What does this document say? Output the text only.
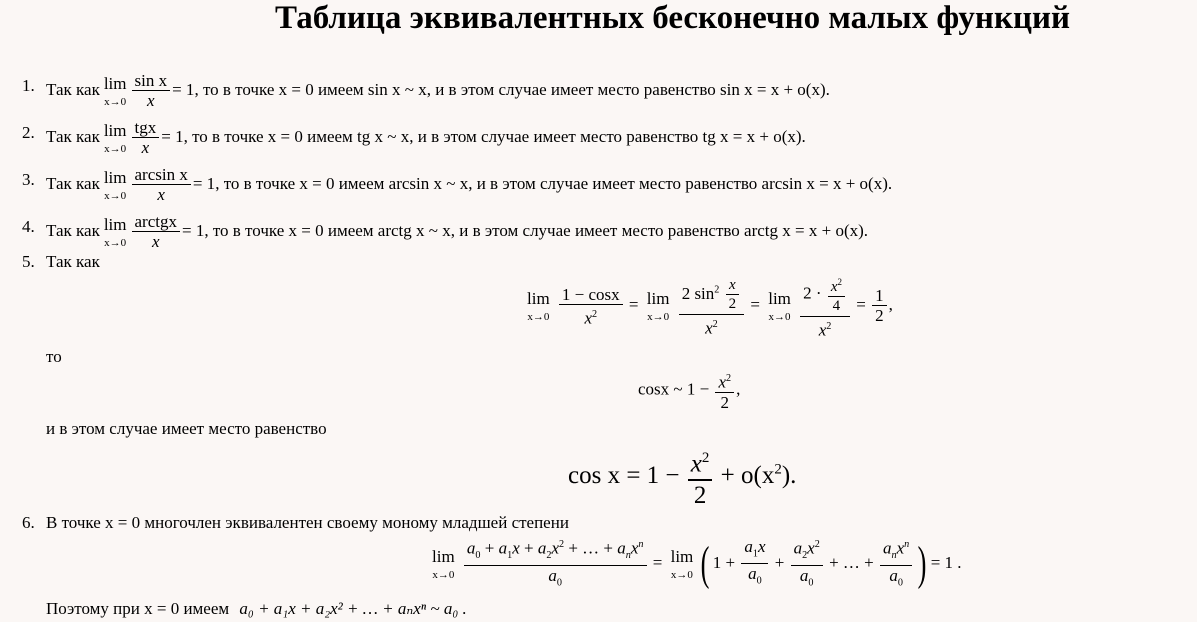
Таблица эквивалентных бесконечно малых функций
1. Так как lim
$x\to 0 \frac{\text{sin x}}{x} = 1$, то в точке x = 0 имеем sin x ~ x, и в этом случае имеет место равенство sin x = x + o(x).
2. Так как lim
x→0
tgx
x
= 1, то в точке x = 0 имеем tg x ~ x, и в этом случае имеет место равенство tg x = x + o(x).
3. Так как lim
$x\to 0 \frac{\text{arcsin x}}{x} = 1$, то в точке x = 0 имеем arcsin x ~ x, и в этом случае имеет место равенство arcsin x = x + o(x).
4. Так как lim
x→0
arctgx
x
= 1, то в точке x = 0 имеем arctg x ~ x, и в этом случае имеет место равенство arctg x = x + o(x).
5. Так как
lim
x→0
$\frac{1 - \cos x}{x^2} = \lim$
x→0
$\frac{2 \sin^2 \frac{x}{2}}{x^2} = \lim$
x→0
$\frac{2 \cdot \frac{x^2}{4}}{x^2} = \frac{1}{2}$ ,
то
cosx ~ $1 - \frac{x^2}{2}$ ,
и в этом случае имеет место равенство
$\cos x = 1 - \frac{x^2}{2} + o(x^2)$.
6. В точке x = 0 многочлен эквивалентен своему моному младшей степени
lim
x→0

$a_0 + a_1x + a_2x^2$ + … + $a_nx^n$
$a_0$
= lim
x→0 ( $1 + \frac{a_1x}{a_0} + \frac{a_2x^2}{a_0}$ + … +
$a_nx^n$
$a_0$ ) = 1 .
Поэтому при x = 0 имеем a₀ + a₁x + a₂x² + … + aₙxⁿ ~ a₀ .
